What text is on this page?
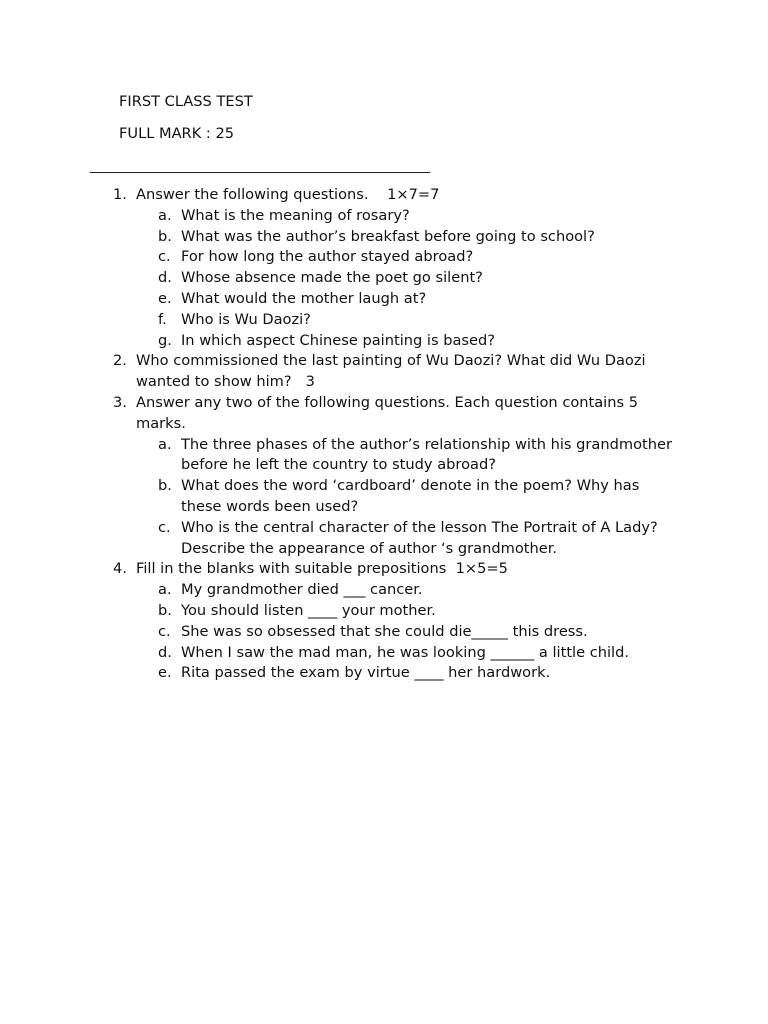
FIRST CLASS TEST
FULL MARK : 25
1. Answer the following questions.    1×7=7
a. What is the meaning of rosary?
b. What was the author’s breakfast before going to school?
c. For how long the author stayed abroad?
d. Whose absence made the poet go silent?
e. What would the mother laugh at?
f. Who is Wu Daozi?
g. In which aspect Chinese painting is based?
2. Who commissioned the last painting of Wu Daozi? What did Wu Daozi wanted to show him?   3
3. Answer any two of the following questions. Each question contains 5 marks.
a. The three phases of the author’s relationship with his grandmother before he left the country to study abroad?
b. What does the word ‘cardboard’ denote in the poem? Why has these words been used?
c. Who is the central character of the lesson The Portrait of A Lady? Describe the appearance of author ‘s grandmother.
4. Fill in the blanks with suitable prepositions  1×5=5
a. My grandmother died ___ cancer.
b. You should listen ____ your mother.
c. She was so obsessed that she could die_____ this dress.
d. When I saw the mad man, he was looking ______ a little child.
e. Rita passed the exam by virtue ____ her hardwork.
